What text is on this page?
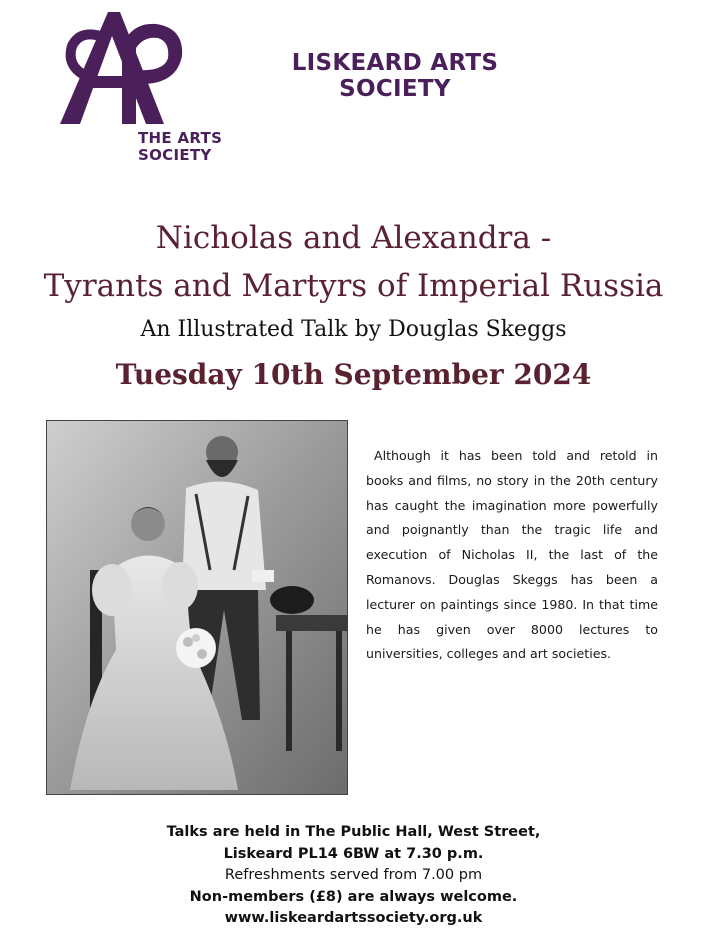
THE ARTS
SOCIETY
LISKEARD ARTS
SOCIETY
Nicholas and Alexandra -
Tyrants and Martyrs of Imperial Russia
An Illustrated Talk by Douglas Skeggs
Tuesday 10th September 2024

Although it has been told and retold in books and films, no story in the 20th century has caught the imagination more powerfully and poignantly than the tragic life and execution of Nicholas II, the last of the Romanovs. Douglas Skeggs has been a lecturer on paintings since 1980. In that time he has given over 8000 lectures to universities, colleges and art societies.

Talks are held in The Public Hall, West Street,
Liskeard PL14 6BW at 7.30 p.m.
Refreshments served from 7.00 pm
Non-members (£8) are always welcome.
www.liskeardartssociety.org.uk
